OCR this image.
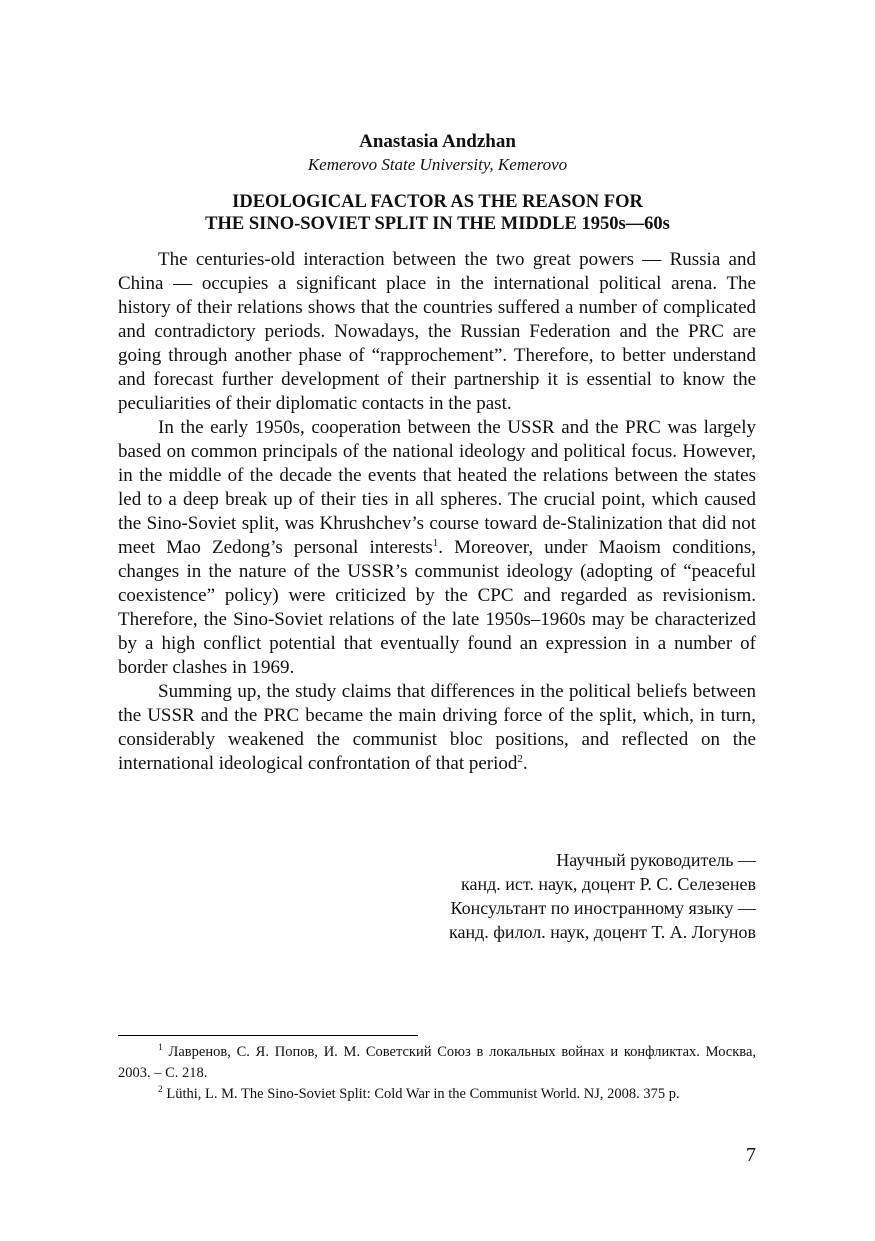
Anastasia Andzhan
Kemerovo State University, Kemerovo
IDEOLOGICAL FACTOR AS THE REASON FOR
THE SINO-SOVIET SPLIT IN THE MIDDLE 1950s—60s

The centuries-old interaction between the two great powers — Russia and China — occupies a significant place in the international political arena. The history of their relations shows that the countries suffered a number of complicated and contradictory periods. Nowadays, the Russian Federation and the PRC are going through another phase of “rapprochement”. Therefore, to better understand and forecast further development of their partnership it is essential to know the peculiarities of their diplomatic contacts in the past.

In the early 1950s, cooperation between the USSR and the PRC was largely based on common principals of the national ideology and political focus. However, in the middle of the decade the events that heated the relations between the states led to a deep break up of their ties in all spheres. The crucial point, which caused the Sino-Soviet split, was Khrushchev’s course toward de-Stalinization that did not meet Mao Zedong’s personal interests$^1$. Moreover, under Maoism conditions, changes in the nature of the USSR’s communist ideology (adopting of “peaceful coexistence” policy) were criticized by the CPC and regarded as revisionism. Therefore, the Sino-Soviet relations of the late 1950s–1960s may be characterized by a high conflict potential that eventually found an expression in a number of border clashes in 1969.

Summing up, the study claims that differences in the political beliefs between the USSR and the PRC became the main driving force of the split, which, in turn, considerably weakened the communist bloc positions, and reflected on the international ideological confrontation of that period$^2$.

Научный руководитель —
канд. ист. наук, доцент Р. С. Селезенев
Консультант по иностранному языку —
канд. филол. наук, доцент Т. А. Логунов

$^1$ Лавренов, С. Я. Попов, И. М. Советский Союз в локальных войнах и конфликтах. Москва, 2003. – С. 218.

$^2$ Lüthi, L. M. The Sino-Soviet Split: Cold War in the Communist World. NJ, 2008. 375 p.

7
